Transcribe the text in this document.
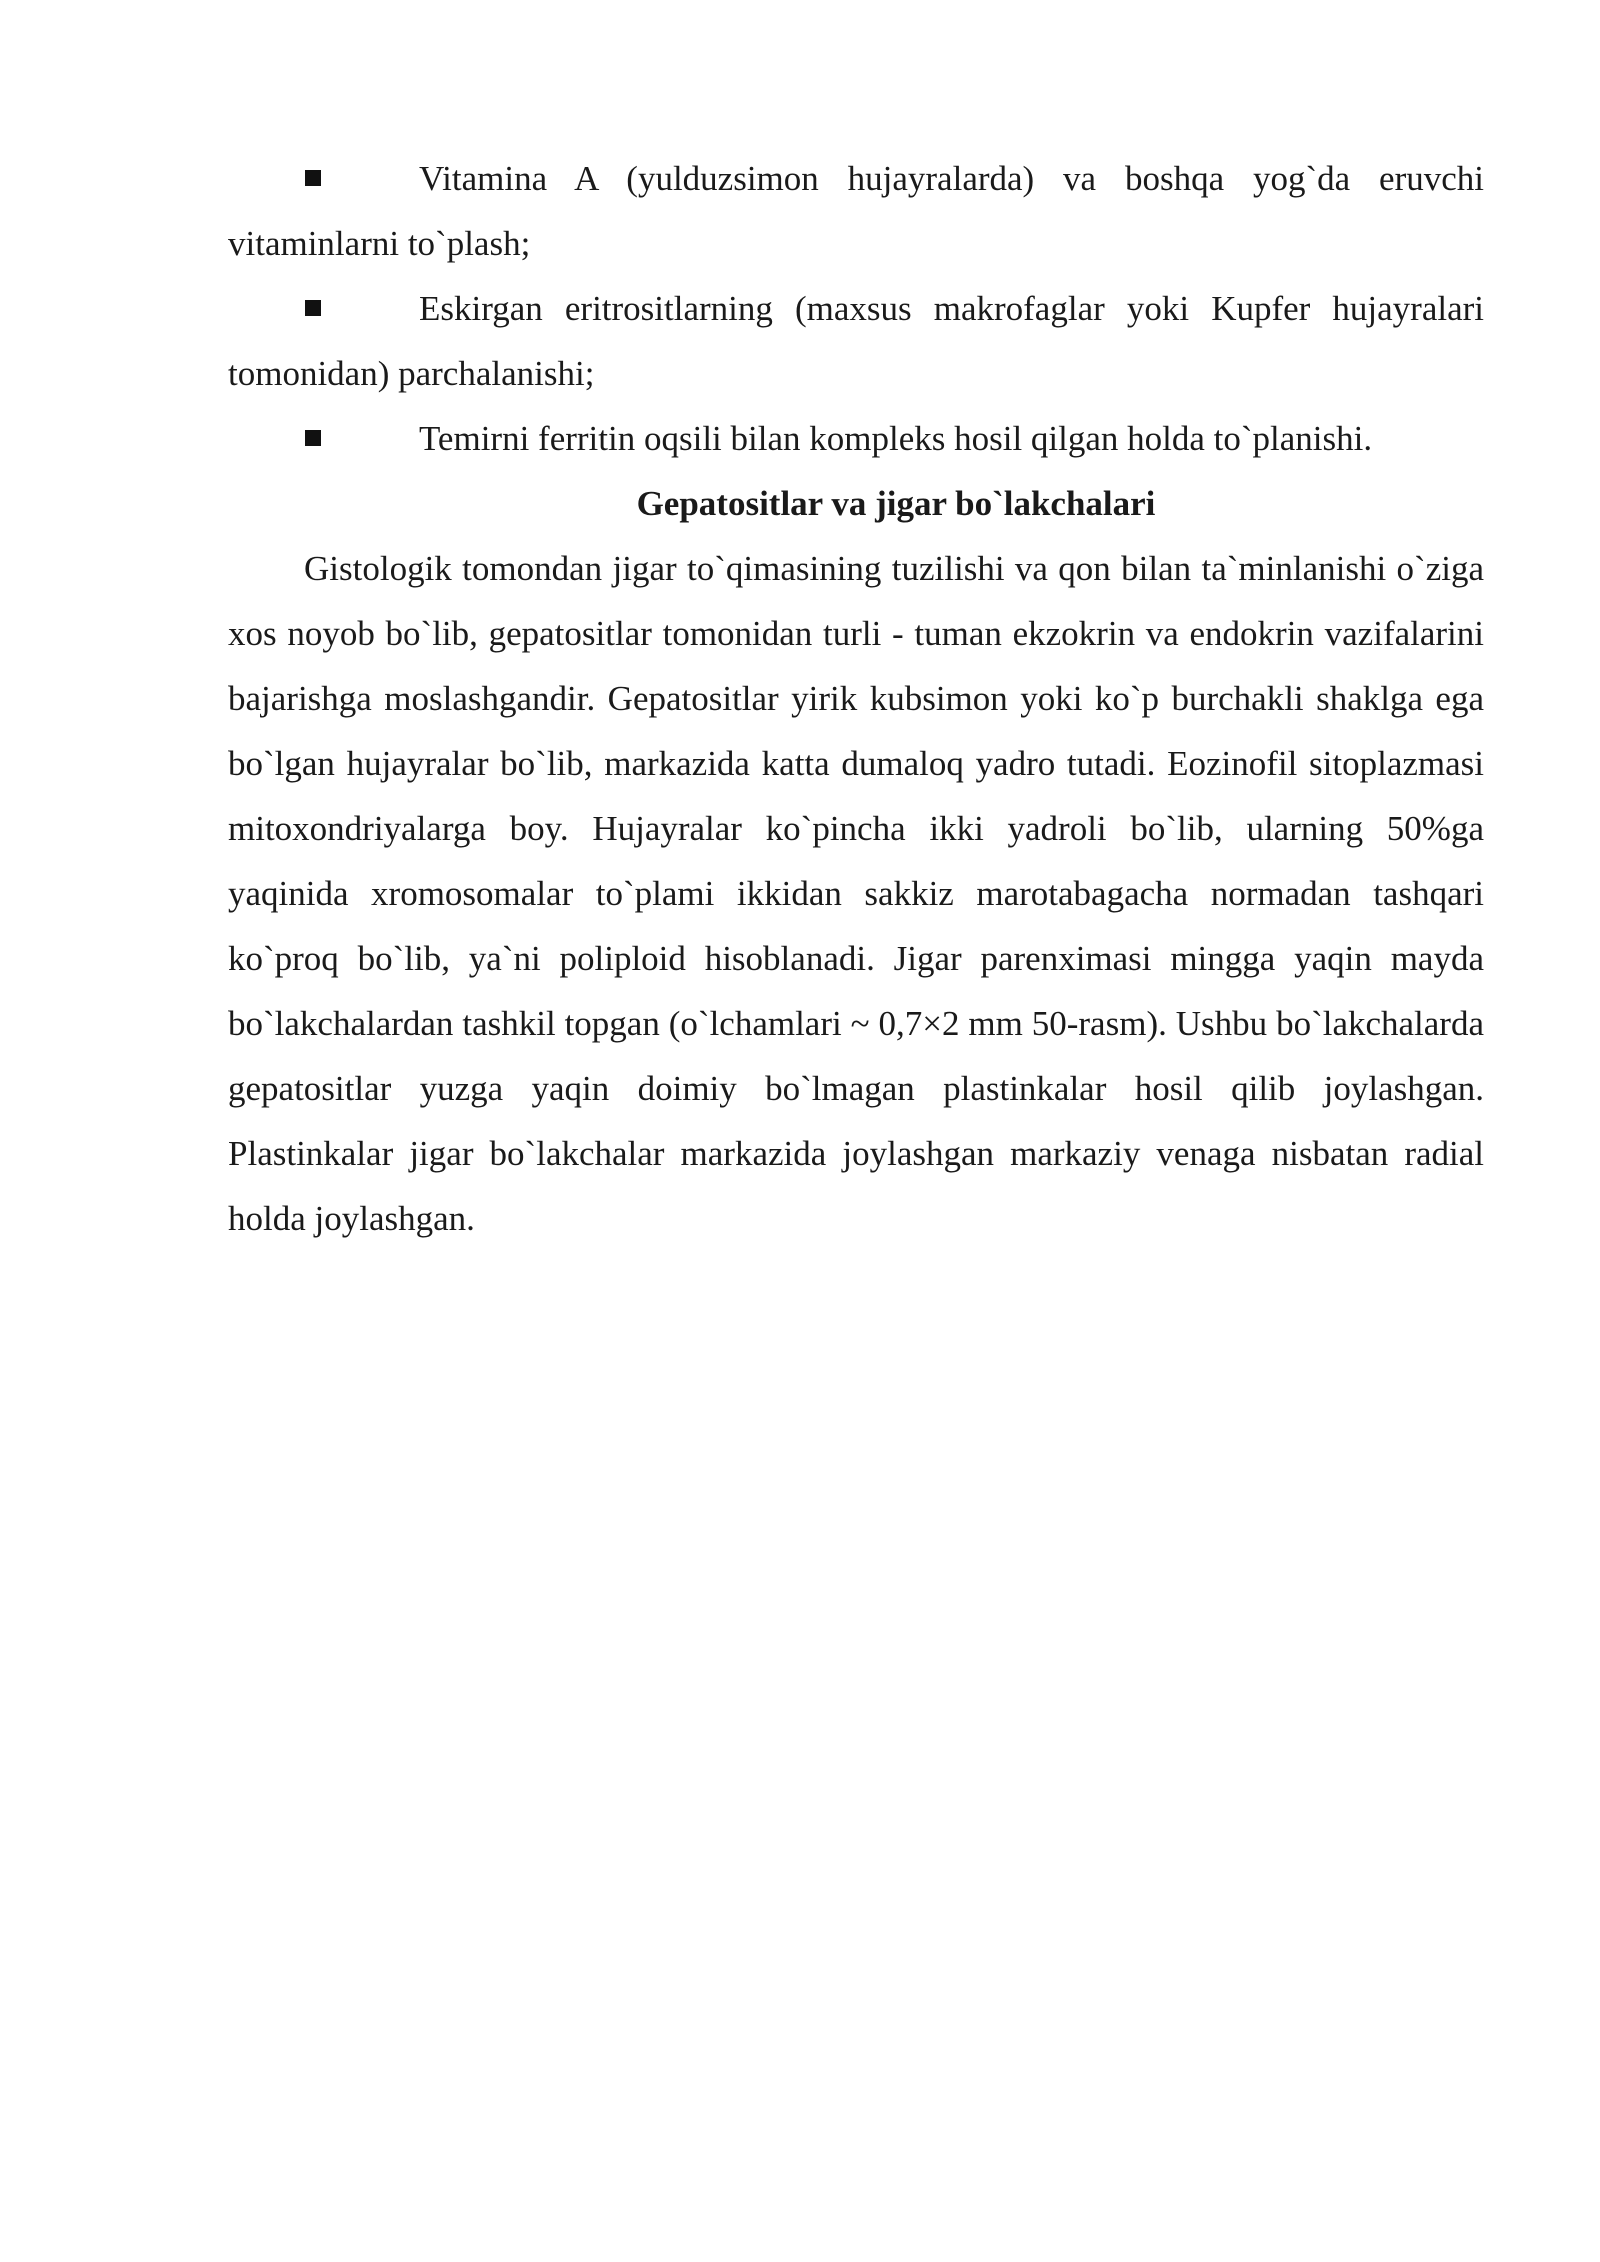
Vitamina A (yulduzsimon hujayralarda) va boshqa yog`da eruvchi vitaminlarni to`plash;

Eskirgan eritrositlarning (maxsus makrofaglar yoki Kupfer hujayralari tomonidan) parchalanishi;

Temirni ferritin oqsili bilan kompleks hosil qilgan holda to`planishi.

Gepatositlar va jigar bo`lakchalari

Gistologik tomondan jigar to`qimasining tuzilishi va qon bilan ta`minlanishi o`ziga xos noyob bo`lib, gepatositlar tomonidan turli - tuman ekzokrin va endokrin vazifalarini bajarishga moslashgandir. Gepatositlar yirik kubsimon yoki ko`p burchakli shaklga ega bo`lgan hujayralar bo`lib, markazida katta dumaloq yadro tutadi. Eozinofil sitoplazmasi mitoxondriyalarga boy. Hujayralar ko`pincha ikki yadroli bo`lib, ularning 50%ga yaqinida xromosomalar to`plami ikkidan sakkiz marotabagacha normadan tashqari ko`proq bo`lib, ya`ni poliploid hisoblanadi. Jigar parenximasi mingga yaqin mayda bo`lakchalardan tashkil topgan (o`lchamlari ~ 0,7×2 mm 50-rasm). Ushbu bo`lakchalarda gepatositlar yuzga yaqin doimiy bo`lmagan plastinkalar hosil qilib joylashgan. Plastinkalar jigar bo`lakchalar markazida joylashgan markaziy venaga nisbatan radial holda joylashgan.
